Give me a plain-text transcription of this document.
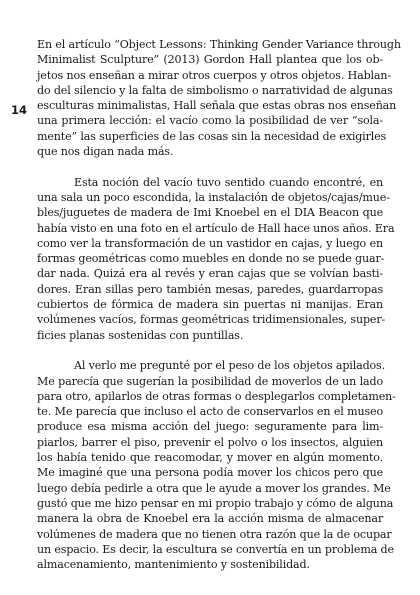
14
En el artículo “Object Lessons: Thinking Gender Variance through
Minimalist Sculpture” (2013) Gordon Hall plantea que los ob-
jetos nos enseñan a mirar otros cuerpos y otros objetos. Hablan-
do del silencio y la falta de simbolismo o narratividad de algunas
esculturas minimalistas, Hall señala que estas obras nos enseñan
una primera lección: el vacío como la posibilidad de ver “sola-
mente” las superficies de las cosas sin la necesidad de exigirles
que nos digan nada más.
Esta noción del vacío tuvo sentido cuando encontré, en
una sala un poco escondida, la instalación de objetos/cajas/mue-
bles/juguetes de madera de Imi Knoebel en el DIA Beacon que
había visto en una foto en el artículo de Hall hace unos años. Era
como ver la transformación de un vastidor en cajas, y luego en
formas geométricas como muebles en donde no se puede guar-
dar nada. Quizá era al revés y eran cajas que se volvían basti-
dores. Eran sillas pero también mesas, paredes, guardarropas
cubiertos de fórmica de madera sin puertas ni manijas. Eran
volúmenes vacíos, formas geométricas tridimensionales, super-
ficies planas sostenidas con puntillas.
Al verlo me pregunté por el peso de los objetos apilados.
Me parecía que sugerían la posibilidad de moverlos de un lado
para otro, apilarlos de otras formas o desplegarlos completamen-
te. Me parecía que incluso el acto de conservarlos en el museo
produce esa misma acción del juego: seguramente para lim-
piarlos, barrer el piso, prevenir el polvo o los insectos, alguien
los había tenido que reacomodar, y mover en algún momento.
Me imaginé que una persona podía mover los chicos pero que
luego debía pedirle a otra que le ayude a mover los grandes. Me
gustó que me hizo pensar en mi propio trabajo y cómo de alguna
manera la obra de Knoebel era la acción misma de almacenar
volúmenes de madera que no tienen otra razón que la de ocupar
un espacio. Es decir, la escultura se convertía en un problema de
almacenamiento, mantenimiento y sostenibilidad.
